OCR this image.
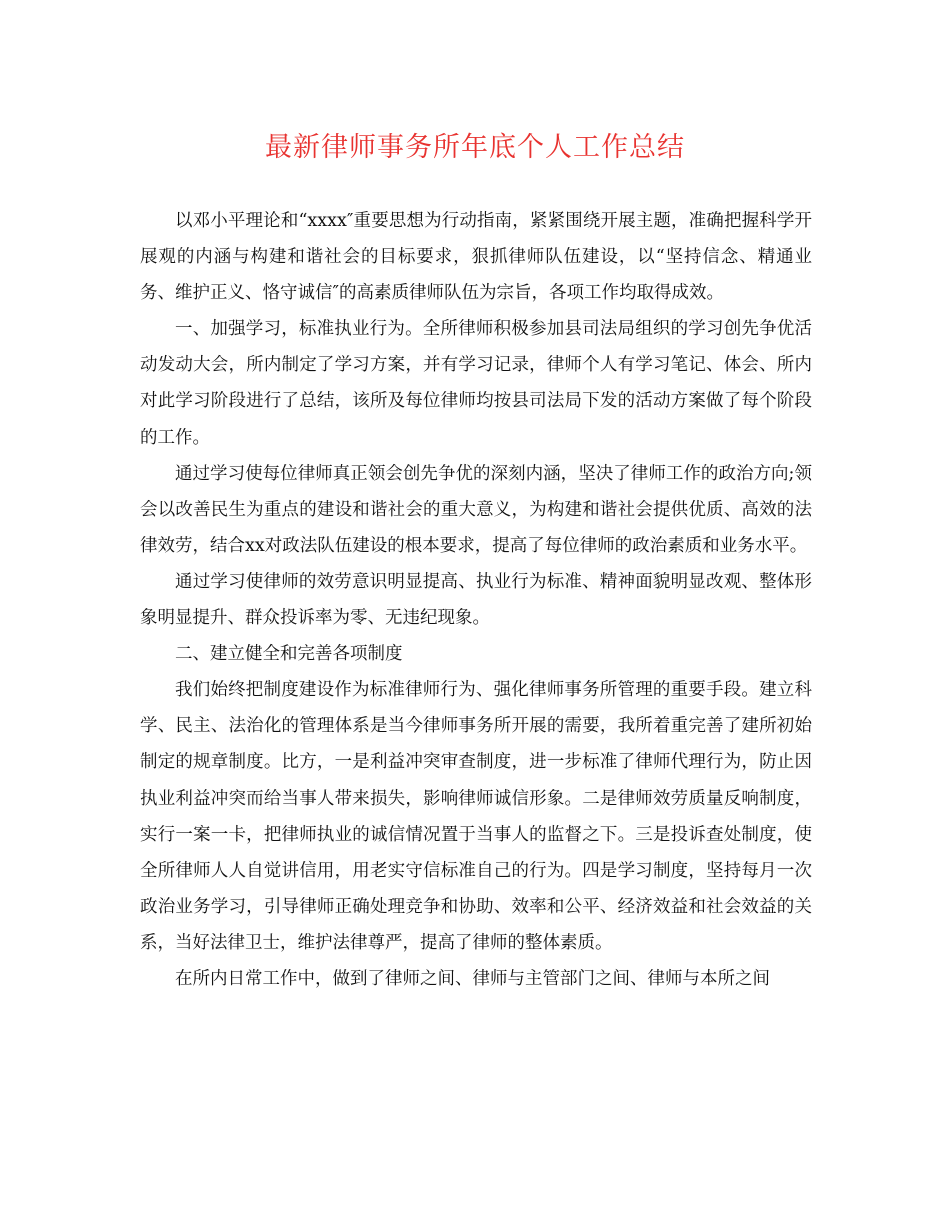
最新律师事务所年底个人工作总结

以邓小平理论和“xxxx″重要思想为行动指南，紧紧围绕开展主题，准确把握科学开展观的内涵与构建和谐社会的目标要求，狠抓律师队伍建设，以“坚持信念、精通业务、维护正义、恪守诚信″的高素质律师队伍为宗旨，各项工作均取得成效。

一、加强学习，标准执业行为。全所律师积极参加县司法局组织的学习创先争优活动发动大会，所内制定了学习方案，并有学习记录，律师个人有学习笔记、体会、所内对此学习阶段进行了总结，该所及每位律师均按县司法局下发的活动方案做了每个阶段的工作。

通过学习使每位律师真正领会创先争优的深刻内涵，坚决了律师工作的政治方向;领会以改善民生为重点的建设和谐社会的重大意义，为构建和谐社会提供优质、高效的法律效劳，结合xx对政法队伍建设的根本要求，提高了每位律师的政治素质和业务水平。

通过学习使律师的效劳意识明显提高、执业行为标准、精神面貌明显改观、整体形象明显提升、群众投诉率为零、无违纪现象。

二、建立健全和完善各项制度

我们始终把制度建设作为标准律师行为、强化律师事务所管理的重要手段。建立科学、民主、法治化的管理体系是当今律师事务所开展的需要，我所着重完善了建所初始制定的规章制度。比方，一是利益冲突审查制度，进一步标准了律师代理行为，防止因执业利益冲突而给当事人带来损失，影响律师诚信形象。二是律师效劳质量反响制度，实行一案一卡，把律师执业的诚信情况置于当事人的监督之下。三是投诉查处制度，使全所律师人人自觉讲信用，用老实守信标准自己的行为。四是学习制度，坚持每月一次政治业务学习，引导律师正确处理竞争和协助、效率和公平、经济效益和社会效益的关系，当好法律卫士，维护法律尊严，提高了律师的整体素质。

在所内日常工作中，做到了律师之间、律师与主管部门之间、律师与本所之间
